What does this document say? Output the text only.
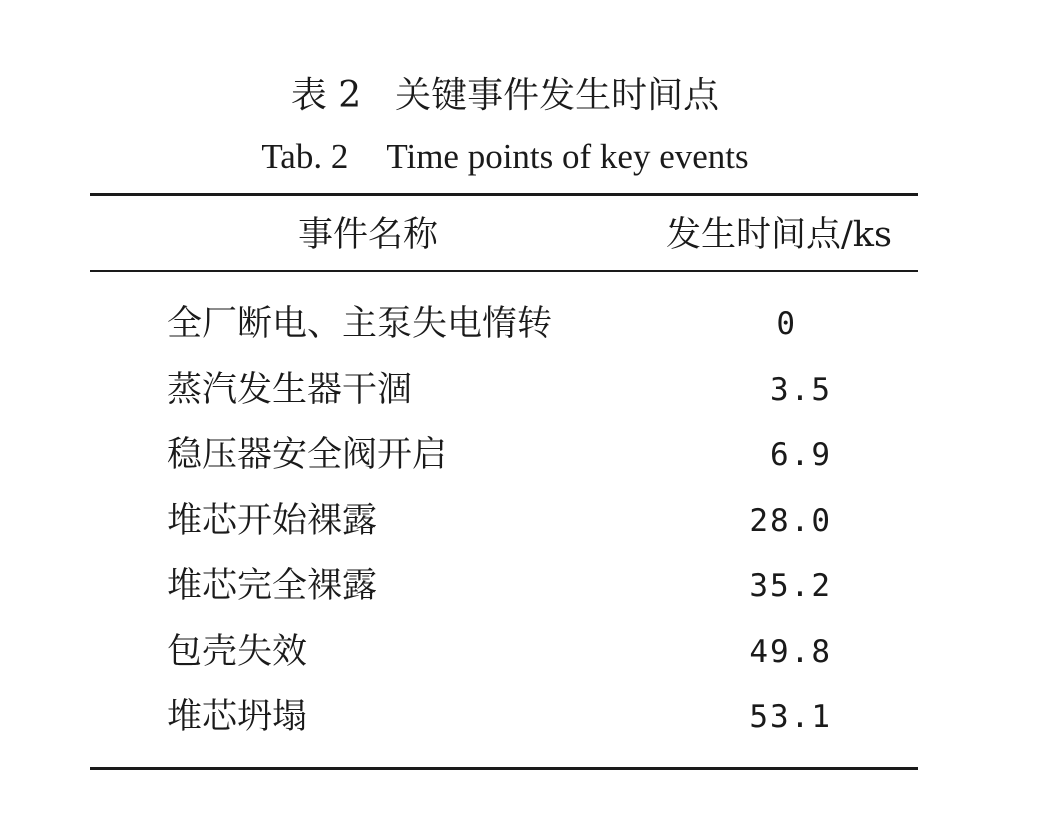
表 2 关键事件发生时间点
Tab. 2 Time points of key events
事件名称	发生时间点/ks
全厂断电、主泵失电惰转	0
蒸汽发生器干涸	3.5
稳压器安全阀开启	6.9
堆芯开始裸露	28.0
堆芯完全裸露	35.2
包壳失效	49.8
堆芯坍塌	53.1
